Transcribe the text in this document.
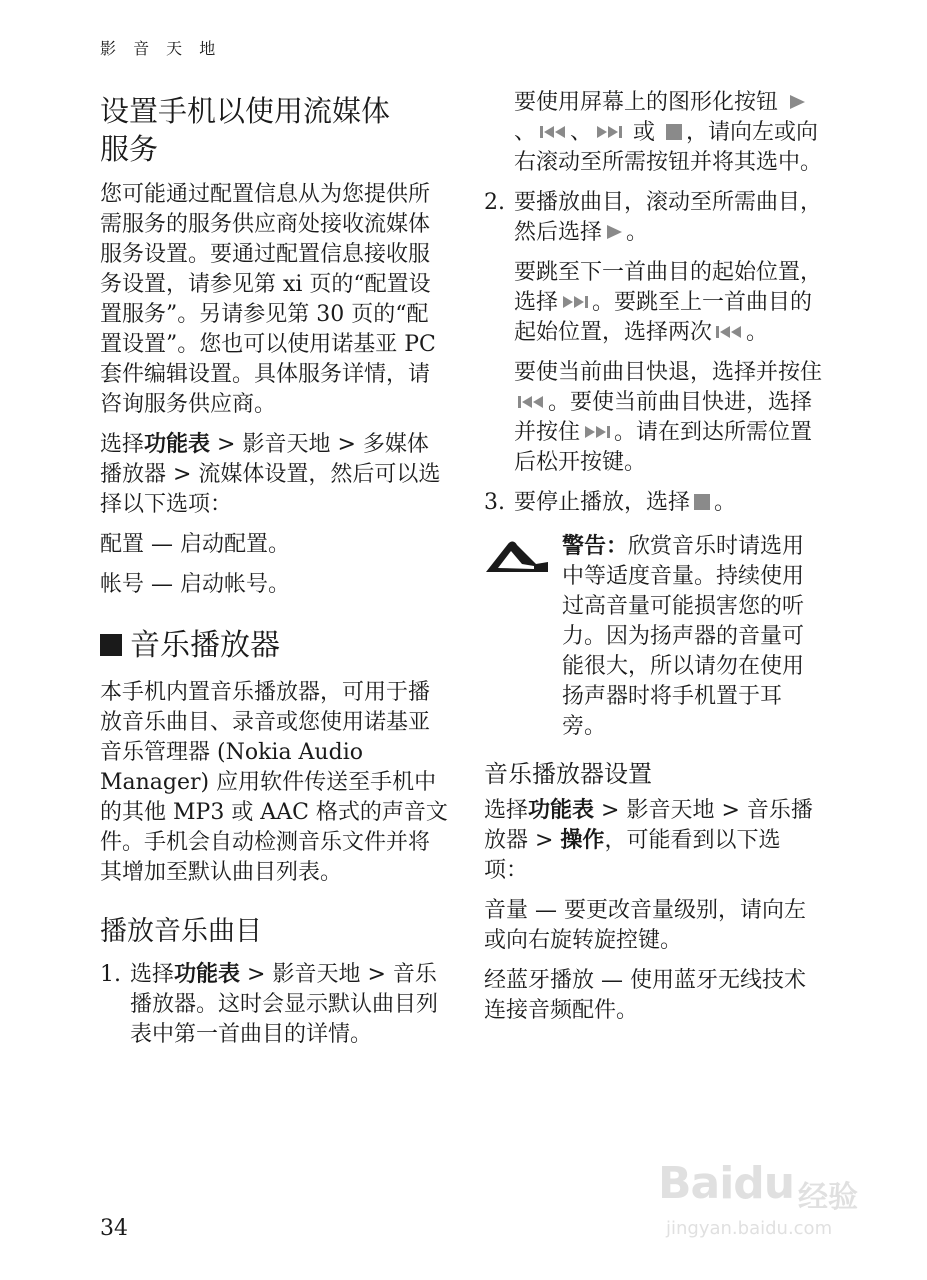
影 音 天 地
设置手机以使用流媒体
服务

您可能通过配置信息从为您提供所需服务的服务供应商处接收流媒体服务设置。要通过配置信息接收服务设置，请参见第 xi 页的“配置设置服务”。另请参见第 30 页的“配置设置”。您也可以使用诺基亚 PC 套件编辑设置。具体服务详情，请咨询服务供应商。

选择功能表 > 影音天地 > 多媒体播放器 > 流媒体设置，然后可以选择以下选项：

配置 — 启动配置。

帐号 — 启动帐号。

音乐播放器

本手机内置音乐播放器，可用于播放音乐曲目、录音或您使用诺基亚音乐管理器 (Nokia Audio Manager) 应用软件传送至手机中的其他 MP3 或 AAC 格式的声音文件。手机会自动检测音乐文件并将其增加至默认曲目列表。

播放音乐曲目
1. 选择功能表 > 影音天地 > 音乐播放器。这时会显示默认曲目列表中第一首曲目的详情。

要使用屏幕上的图形化按钮 、 、 或 ，请向左或向右滚动至所需按钮并将其选中。

2. 要播放曲目，滚动至所需曲目，然后选择 。

要跳至下一首曲目的起始位置，选择 。要跳至上一首曲目的起始位置，选择两次 。

要使当前曲目快退，选择并按住。要使当前曲目快进，选择并按住 。请在到达所需位置后松开按键。

3. 要停止播放，选择 。

警告：欣赏音乐时请选用中等适度音量。持续使用过高音量可能损害您的听力。因为扬声器的音量可能很大，所以请勿在使用扬声器时将手机置于耳旁。

音乐播放器设置

选择功能表 > 影音天地 > 音乐播放器 > 操作，可能看到以下选项：

音量 — 要更改音量级别，请向左或向右旋转旋控键。

经蓝牙播放 — 使用蓝牙无线技术连接音频配件。

34
Baidu 经验
jingyan.baidu.com
